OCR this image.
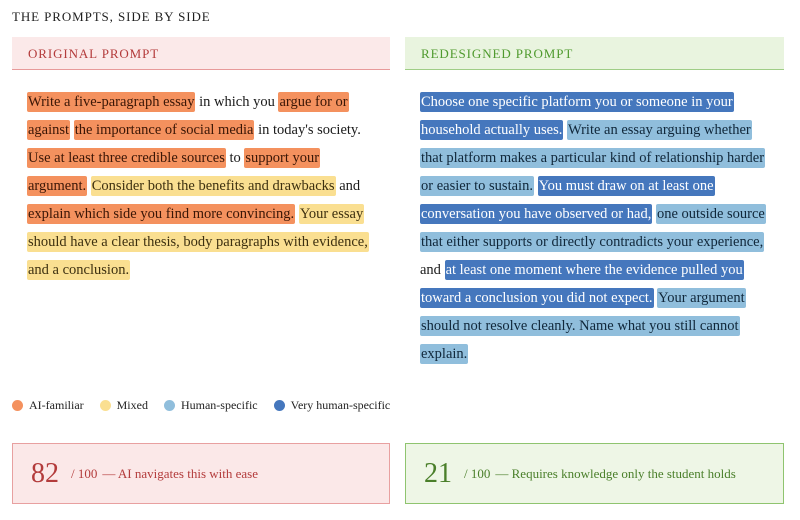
THE PROMPTS, SIDE BY SIDE
ORIGINAL PROMPT	REDESIGNED PROMPT
Write a five-paragraph essay in which you argue for or against the importance of social media in today's society. Use at least three credible sources to support your argument. Consider both the benefits and drawbacks and explain which side you find more convincing. Your essay should have a clear thesis, body paragraphs with evidence, and a conclusion.
Choose one specific platform you or someone in your household actually uses. Write an essay arguing whether that platform makes a particular kind of relationship harder or easier to sustain. You must draw on at least one conversation you have observed or had, one outside source that either supports or directly contradicts your experience, and at least one moment where the evidence pulled you toward a conclusion you did not expect. Your argument should not resolve cleanly. Name what you still cannot explain.
AI-familiar	Mixed	Human-specific	Very human-specific
82 / 100 — AI navigates this with ease	21 / 100 — Requires knowledge only the student holds
